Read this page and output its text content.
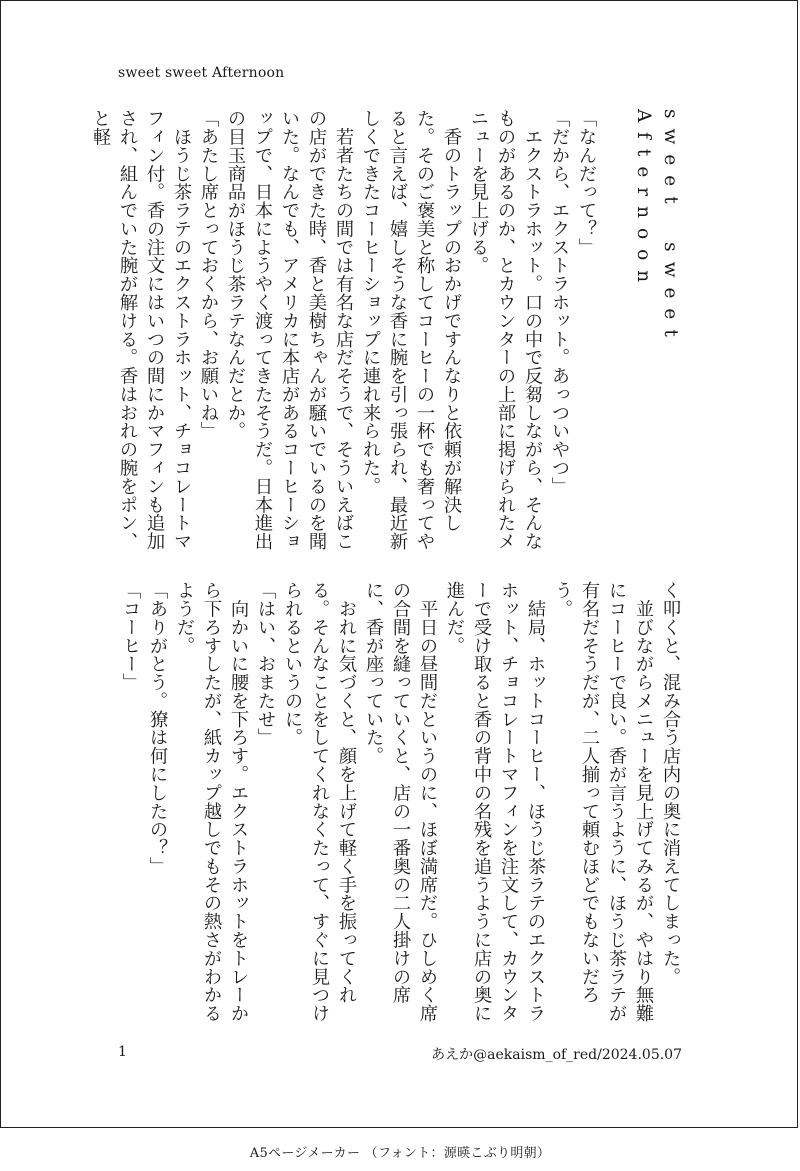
sweet sweet Afternoon

sweet　sweet　Afternoon

「なんだって？」

「だから、エクストラホット。あっついやつ」

　エクストラホット。口の中で反芻しながら、そんなものがあるのか、とカウンターの上部に掲げられたメニューを見上げる。

　香のトラップのおかげですんなりと依頼が解決した。そのご褒美と称してコーヒーの一杯でも奢ってやると言えば、嬉しそうな香に腕を引っ張られ、最近新しくできたコーヒーショップに連れ来られた。

　若者たちの間では有名な店だそうで、そういえばこの店ができた時、香と美樹ちゃんが騒いでいるのを聞いた。なんでも、アメリカに本店があるコーヒーショップで、日本にようやく渡ってきたそうだ。日本進出の目玉商品がほうじ茶ラテなんだとか。

「あたし席とっておくから、お願いね」

　ほうじ茶ラテのエクストラホット、チョコレートマフィン付。香の注文にはいつの間にかマフィンも追加され、組んでいた腕が解ける。香はおれの腕をポン、と軽

く叩くと、混み合う店内の奥に消えてしまった。

　並びながらメニューを見上げてみるが、やはり無難にコーヒーで良い。香が言うように、ほうじ茶ラテが有名だそうだが、二人揃って頼むほどでもないだろう。

　結局、ホットコーヒー、ほうじ茶ラテのエクストラホット、チョコレートマフィンを注文して、カウンターで受け取ると香の背中の名残を追うように店の奥に進んだ。

　平日の昼間だというのに、ほぼ満席だ。ひしめく席の合間を縫っていくと、店の一番奥の二人掛けの席に、香が座っていた。

　おれに気づくと、顔を上げて軽く手を振ってくれる。そんなことをしてくれなくたって、すぐに見つけられるというのに。

「はい、おまたせ」

　向かいに腰を下ろす。エクストラホットをトレーから下ろすしたが、紙カップ越しでもその熱さがわかるようだ。

「ありがとう。獠は何にしたの？」

「コーヒー」

1	あえか@aekaism_of_red/2024.05.07
A5ページメーカー （フォント：源暎こぶり明朝）
